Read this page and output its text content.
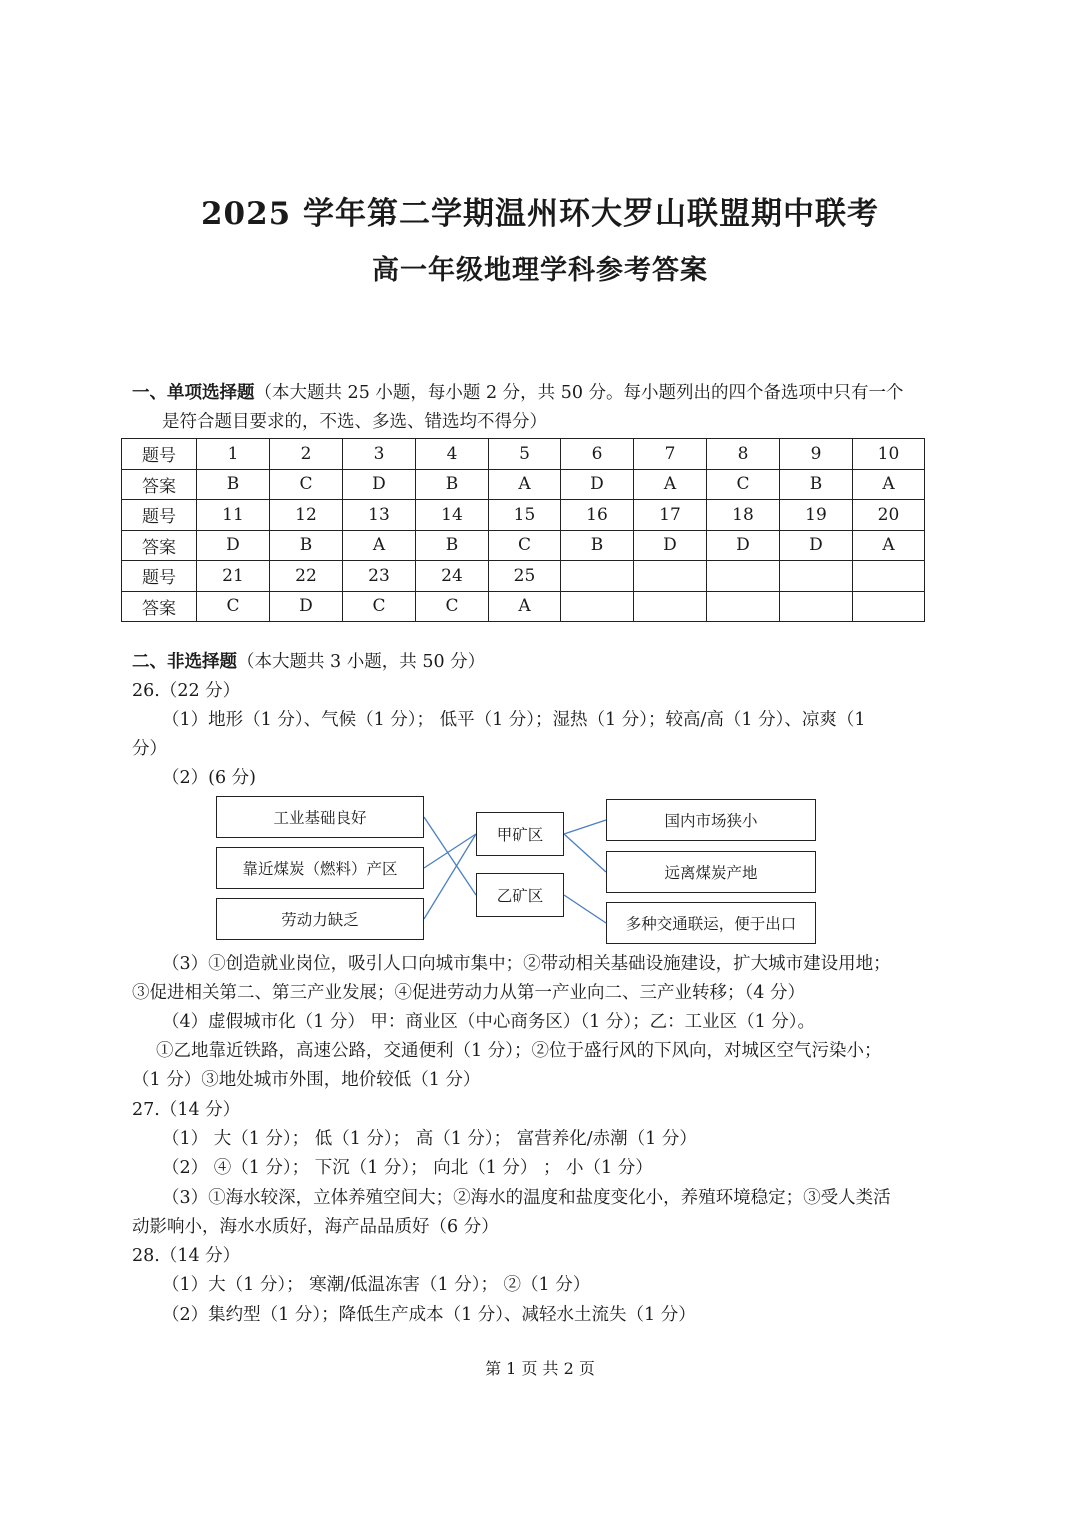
2025 学年第二学期温州环大罗山联盟期中联考
高一年级地理学科参考答案
一、单项选择题（本大题共 25 小题，每小题 2 分，共 50 分。每小题列出的四个备选项中只有一个
是符合题目要求的，不选、多选、错选均不得分）
题号	1	2	3	4	5	6	7	8	9	10
答案	B	C	D	B	A	D	A	C	B	A
题号	11	12	13	14	15	16	17	18	19	20
答案	D	B	A	B	C	B	D	D	D	A
题号	21	22	23	24	25					
答案	C	D	C	C	A					
二、非选择题（本大题共 3 小题，共 50 分）
26.（22 分）
（1）地形（1 分）、气候（1 分）； 低平（1 分）；湿热（1 分）；较高/高（1 分）、凉爽（1
分）
（2）(6 分)
工业基础良好
靠近煤炭（燃料）产区
劳动力缺乏
甲矿区
乙矿区
国内市场狭小
远离煤炭产地
多种交通联运，便于出口
（3）①创造就业岗位，吸引人口向城市集中；②带动相关基础设施建设，扩大城市建设用地；
③促进相关第二、第三产业发展；④促进劳动力从第一产业向二、三产业转移；（4 分）
（4）虚假城市化（1 分） 甲：商业区（中心商务区）（1 分）；乙：工业区（1 分）。
①乙地靠近铁路，高速公路，交通便利（1 分）；②位于盛行风的下风向，对城区空气污染小；
（1 分）③地处城市外围，地价较低（1 分）
27.（14 分）
（1） 大（1 分）； 低（1 分）； 高（1 分）； 富营养化/赤潮（1 分）
（2） ④（1 分）； 下沉（1 分）； 向北（1 分） ； 小（1 分）
（3）①海水较深，立体养殖空间大；②海水的温度和盐度变化小，养殖环境稳定；③受人类活
动影响小，海水水质好，海产品品质好（6 分）
28.（14 分）
（1）大（1 分）； 寒潮/低温冻害（1 分）； ②（1 分）
（2）集约型（1 分）；降低生产成本（1 分）、减轻水土流失（1 分）
第 1 页 共 2 页
